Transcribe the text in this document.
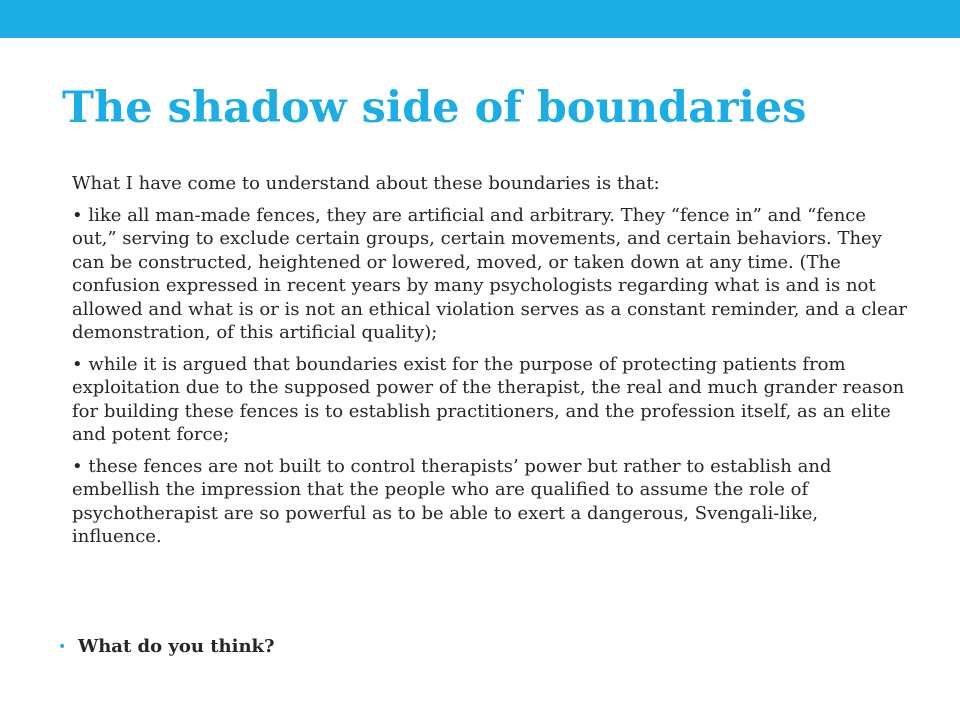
The shadow side of boundaries

What I have come to understand about these boundaries is that:

• like all man-made fences, they are artificial and arbitrary. They “fence in” and “fence out,” serving to exclude certain groups, certain movements, and certain behaviors. They can be constructed, heightened or lowered, moved, or taken down at any time. (The confusion expressed in recent years by many psychologists regarding what is and is not allowed and what is or is not an ethical violation serves as a constant reminder, and a clear demonstration, of this artificial quality);

• while it is argued that boundaries exist for the purpose of protecting patients from exploitation due to the supposed power of the therapist, the real and much grander reason for building these fences is to establish practitioners, and the profession itself, as an elite and potent force;

• these fences are not built to control therapists’ power but rather to establish and embellish the impression that the people who are qualified to assume the role of psychotherapist are so powerful as to be able to exert a dangerous, Svengali-like, influence.

• What do you think?
